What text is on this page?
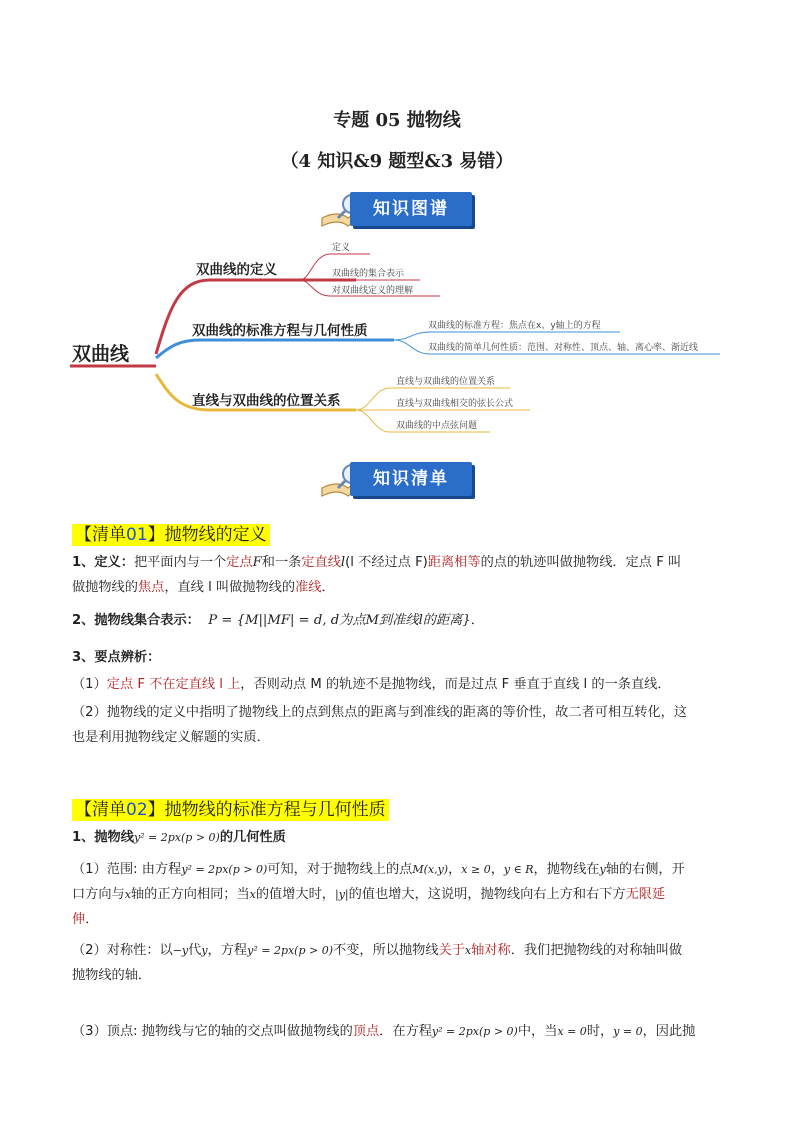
专题 05 抛物线
（4 知识&9 题型&3 易错）
知识图谱
双曲线
双曲线的定义
定义
双曲线的集合表示
对双曲线定义的理解
双曲线的标准方程与几何性质	双曲线的标准方程：焦点在x、y轴上的方程
双曲线的简单几何性质：范围、对称性、顶点、轴、离心率、渐近线
直线与双曲线的位置关系
直线与双曲线的位置关系
直线与双曲线相交的弦长公式
双曲线的中点弦问题
知识清单
【清单01】抛物线的定义
1、定义：把平面内与一个定点F和一条定直线l(l 不经过点 F)距离相等的点的轨迹叫做抛物线．定点 F 叫
做抛物线的焦点，直线 l 叫做抛物线的准线．
2、抛物线集合表示： P = {M||MF| = d, d为点M到准线l的距离}．
3、要点辨析：
（1）定点 F 不在定直线 l 上，否则动点 M 的轨迹不是抛物线，而是过点 F 垂直于直线 l 的一条直线．
（2）抛物线的定义中指明了抛物线上的点到焦点的距离与到准线的距离的等价性，故二者可相互转化，这
也是利用抛物线定义解题的实质．
【清单02】抛物线的标准方程与几何性质
1、抛物线y² = 2px(p > 0)的几何性质
（1）范围: 由方程y² = 2px(p > 0)可知，对于抛物线上的点M(x,y)，x ≥ 0，y ∈ R，抛物线在y轴的右侧，开
口方向与x轴的正方向相同；当x的值增大时，|y|的值也增大，这说明，抛物线向右上方和右下方无限延
伸．
（2）对称性：以−y代y，方程y² = 2px(p > 0)不变，所以抛物线关于x轴对称．我们把抛物线的对称轴叫做
抛物线的轴．
（3）顶点: 抛物线与它的轴的交点叫做抛物线的顶点．在方程y² = 2px(p > 0)中，当x = 0时，y = 0，因此抛
